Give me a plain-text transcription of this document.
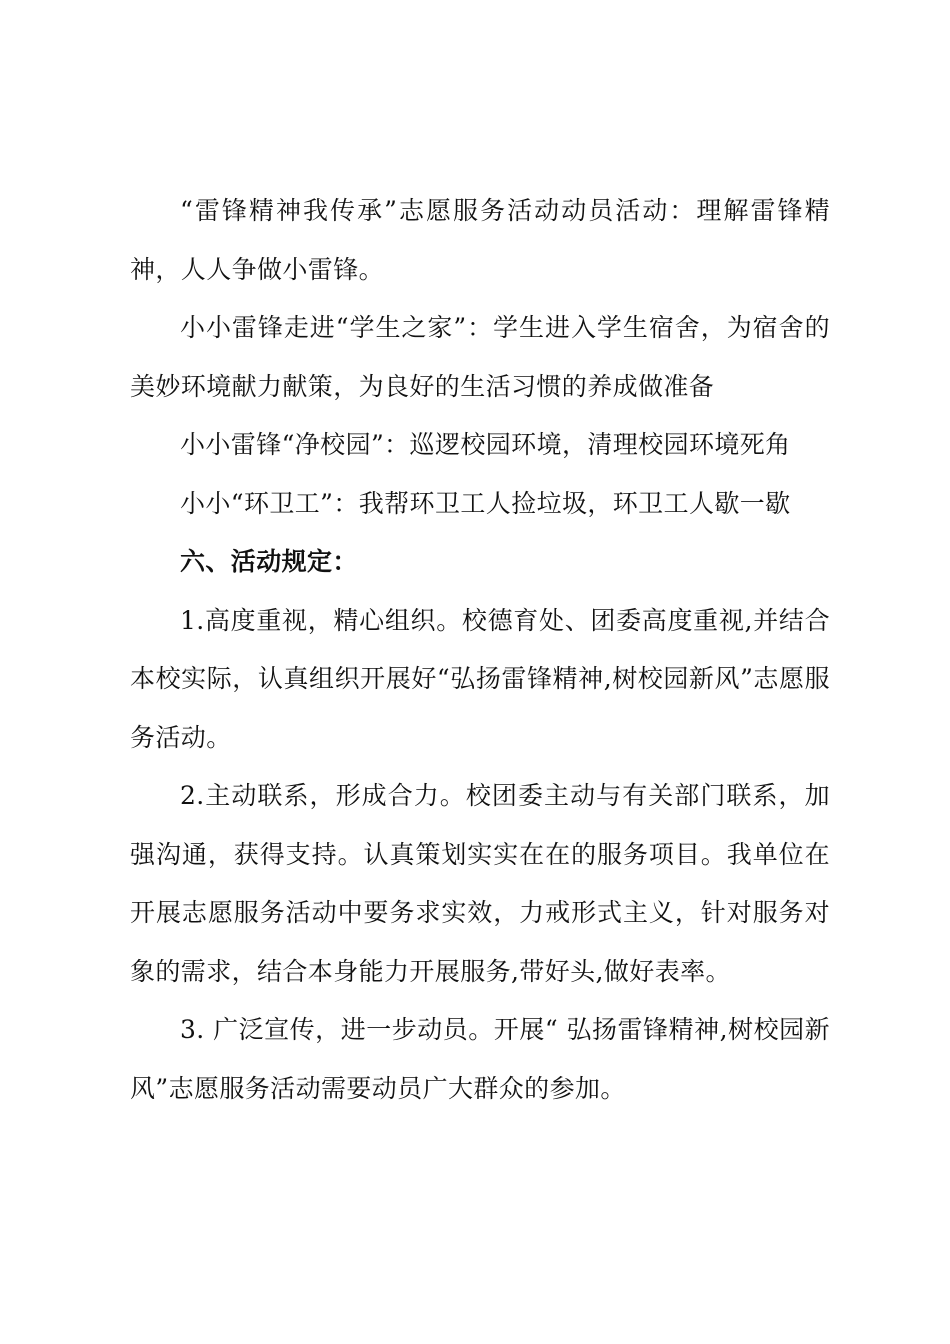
“雷锋精神我传承”志愿服务活动动员活动：理解雷锋精神，人人争做小雷锋。

小小雷锋走进“学生之家”：学生进入学生宿舍，为宿舍的美妙环境献力献策，为良好的生活习惯的养成做准备

小小雷锋“净校园”：巡逻校园环境，清理校园环境死角

小小“环卫工”：我帮环卫工人捡垃圾，环卫工人歇一歇

六、活动规定：

1.高度重视，精心组织。校德育处、团委高度重视,并结合本校实际，认真组织开展好“弘扬雷锋精神,树校园新风”志愿服务活动。

2.主动联系，形成合力。校团委主动与有关部门联系，加强沟通，获得支持。认真策划实实在在的服务项目。我单位在开展志愿服务活动中要务求实效，力戒形式主义，针对服务对象的需求，结合本身能力开展服务,带好头,做好表率。

3. 广泛宣传，进一步动员。开展“ 弘扬雷锋精神,树校园新风”志愿服务活动需要动员广大群众的参加。
